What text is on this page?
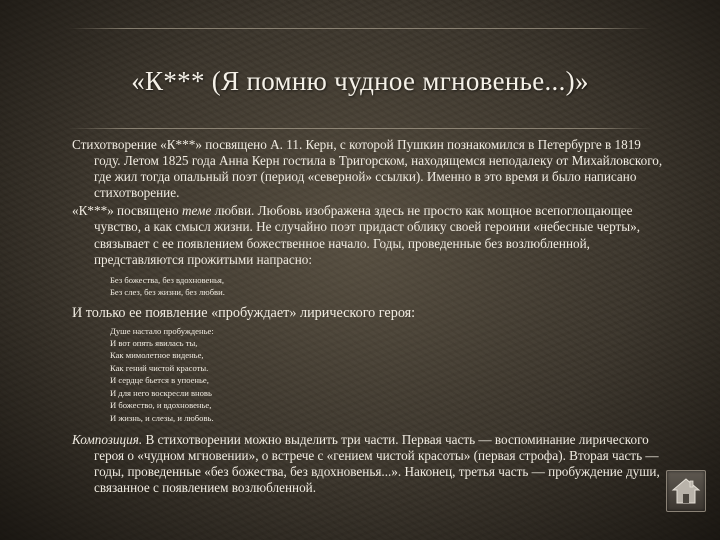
«К*** (Я помню чудное мгновенье...)»

Стихотворение «К***» посвящено А. 11. Керн, с которой Пушкин познакомился в Петербурге в 1819 году. Летом 1825 года Анна Керн гостила в Тригорском, находящемся неподалеку от Михайловского, где жил тогда опальный поэт (период «северной» ссылки). Именно в это время и было написано стихотворение.

«К***» посвящено теме любви. Любовь изображена здесь не просто как мощное всепоглощающее чувство, а как смысл жизни. Не случайно поэт придаст облику своей героини «небесные черты», связывает с ее появлением божественное начало. Годы, проведенные без возлюбленной, представляются прожитыми напрасно:

Без божества, без вдохновенья,
Без слез, без жизни, без любви.

И только ее появление «пробуждает» лирического героя:

Душе настало пробужденье:
И вот опять явилась ты,
Как мимолетное виденье,
Как гений чистой красоты.
И сердце бьется в упоенье,
И для него воскресли вновь
И божество, и вдохновенье,
И жизнь, и слезы, и любовь.

Композиция. В стихотворении можно выделить три части. Первая часть — воспоминание лирического героя о «чудном мгновении», о встрече с «гением чистой красоты» (первая строфа). Вторая часть — годы, проведенные «без божества, без вдохновенья...». Наконец, третья часть — пробуждение души, связанное с появлением возлюбленной.
